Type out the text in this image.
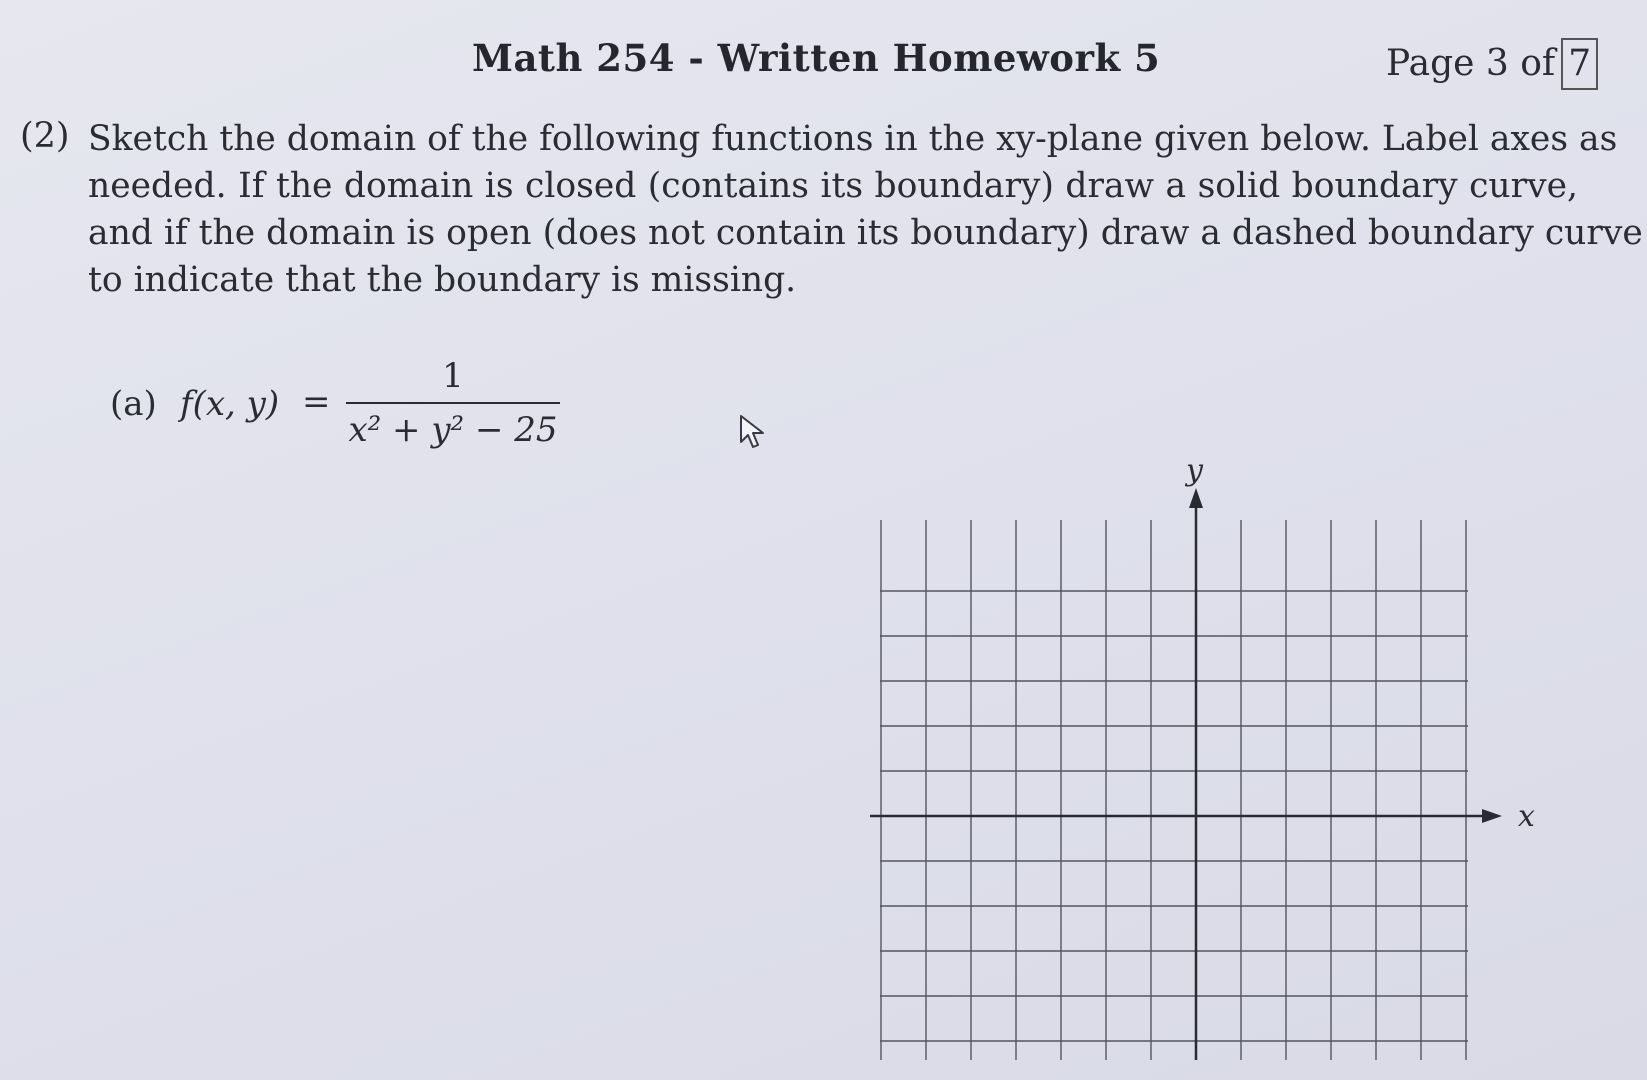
Math 254 - Written Homework 5	Page 3 of 7
(2) Sketch the domain of the following functions in the xy-plane given below. Label axes as
needed. If the domain is closed (contains its boundary) draw a solid boundary curve,
and if the domain is open (does not contain its boundary) draw a dashed boundary curve
to indicate that the boundary is missing.
(a) f(x, y) =
1
x² + y² − 25
y
x
